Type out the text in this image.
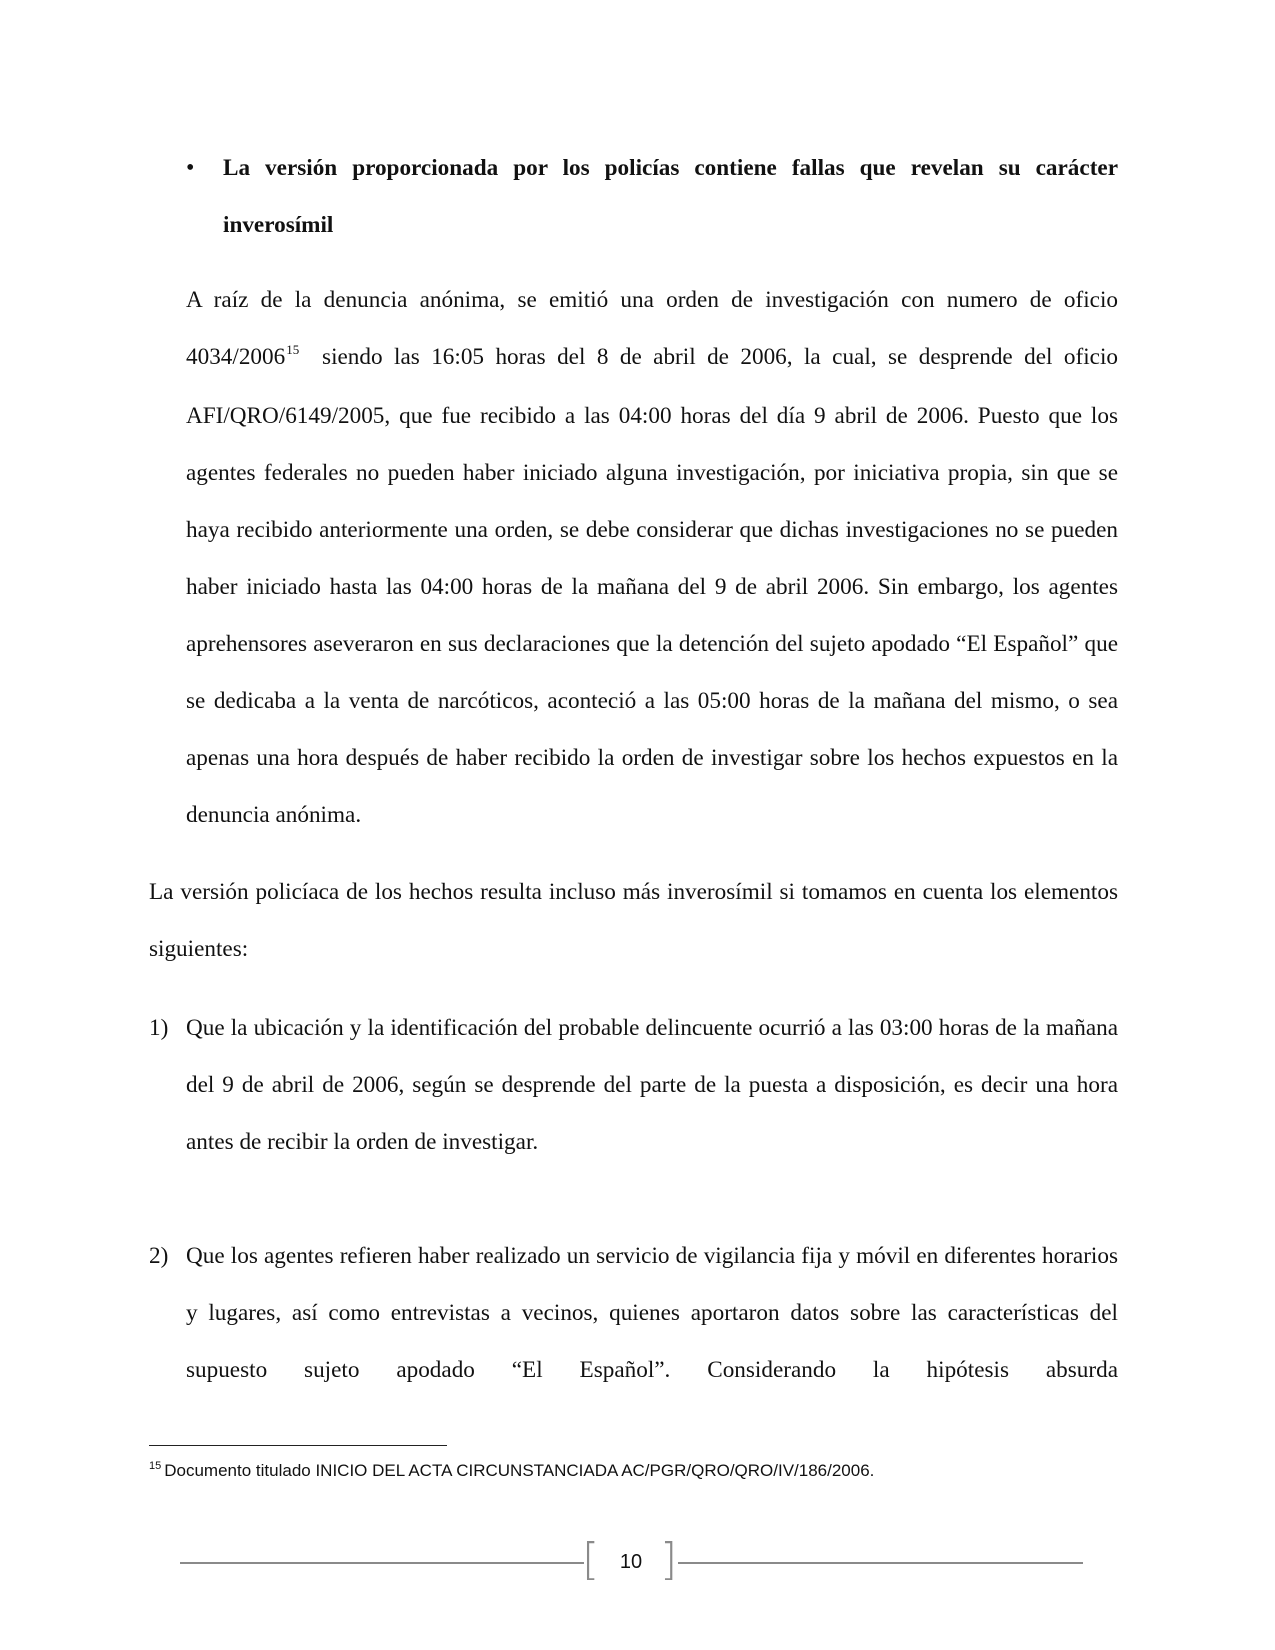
• La versión proporcionada por los policías contiene fallas que revelan su carácter inverosímil

A raíz de la denuncia anónima, se emitió una orden de investigación con numero de oficio 4034/2006$^{15}$  siendo las 16:05 horas del 8 de abril de 2006, la cual, se desprende del oficio AFI/QRO/6149/2005, que fue recibido a las 04:00 horas del día 9 abril de 2006. Puesto que los agentes federales no pueden haber iniciado alguna investigación, por iniciativa propia, sin que se haya recibido anteriormente una orden, se debe considerar que dichas investigaciones no se pueden haber iniciado hasta las 04:00 horas de la mañana del 9 de abril 2006. Sin embargo, los agentes aprehensores aseveraron en sus declaraciones que la detención del sujeto apodado “El Español” que se dedicaba a la venta de narcóticos, aconteció a las 05:00 horas de la mañana del mismo, o sea apenas una hora después de haber recibido la orden de investigar sobre los hechos expuestos en la denuncia anónima.

La versión policíaca de los hechos resulta incluso más inverosímil si tomamos en cuenta los elementos siguientes:

1) Que la ubicación y la identificación del probable delincuente ocurrió a las 03:00 horas de la mañana del 9 de abril de 2006, según se desprende del parte de la puesta a disposición, es decir una hora antes de recibir la orden de investigar.

2) Que los agentes refieren haber realizado un servicio de vigilancia fija y móvil en diferentes horarios y lugares, así como entrevistas a vecinos, quienes aportaron datos sobre las características del supuesto sujeto apodado “El Español”. Considerando la hipótesis absurda

$^{15}$ Documento titulado INICIO DEL ACTA CIRCUNSTANCIADA AC/PGR/QRO/QRO/IV/186/2006.
[	10 ]
